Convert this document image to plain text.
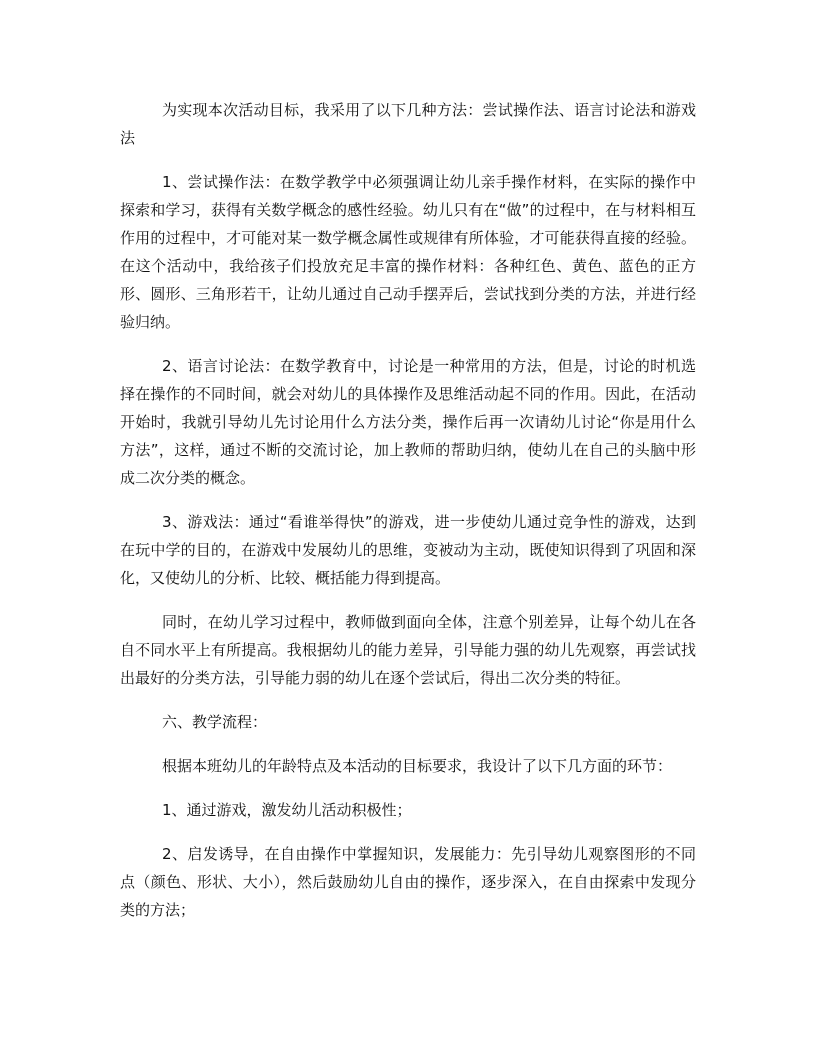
为实现本次活动目标，我采用了以下几种方法：尝试操作法、语言讨论法和游戏法

1、尝试操作法：在数学教学中必须强调让幼儿亲手操作材料，在实际的操作中探索和学习，获得有关数学概念的感性经验。幼儿只有在“做”的过程中，在与材料相互作用的过程中，才可能对某一数学概念属性或规律有所体验，才可能获得直接的经验。在这个活动中，我给孩子们投放充足丰富的操作材料：各种红色、黄色、蓝色的正方形、圆形、三角形若干，让幼儿通过自己动手摆弄后，尝试找到分类的方法，并进行经验归纳。

2、语言讨论法：在数学教育中，讨论是一种常用的方法，但是，讨论的时机选择在操作的不同时间，就会对幼儿的具体操作及思维活动起不同的作用。因此，在活动开始时，我就引导幼儿先讨论用什么方法分类，操作后再一次请幼儿讨论“你是用什么方法”，这样，通过不断的交流讨论，加上教师的帮助归纳，使幼儿在自己的头脑中形成二次分类的概念。

3、游戏法：通过“看谁举得快”的游戏，进一步使幼儿通过竞争性的游戏，达到在玩中学的目的，在游戏中发展幼儿的思维，变被动为主动，既使知识得到了巩固和深化，又使幼儿的分析、比较、概括能力得到提高。

同时，在幼儿学习过程中，教师做到面向全体，注意个别差异，让每个幼儿在各自不同水平上有所提高。我根据幼儿的能力差异，引导能力强的幼儿先观察，再尝试找出最好的分类方法，引导能力弱的幼儿在逐个尝试后，得出二次分类的特征。

六、教学流程：

根据本班幼儿的年龄特点及本活动的目标要求，我设计了以下几方面的环节：

1、通过游戏，激发幼儿活动积极性；

2、启发诱导，在自由操作中掌握知识，发展能力：先引导幼儿观察图形的不同点（颜色、形状、大小），然后鼓励幼儿自由的操作，逐步深入，在自由探索中发现分类的方法；
